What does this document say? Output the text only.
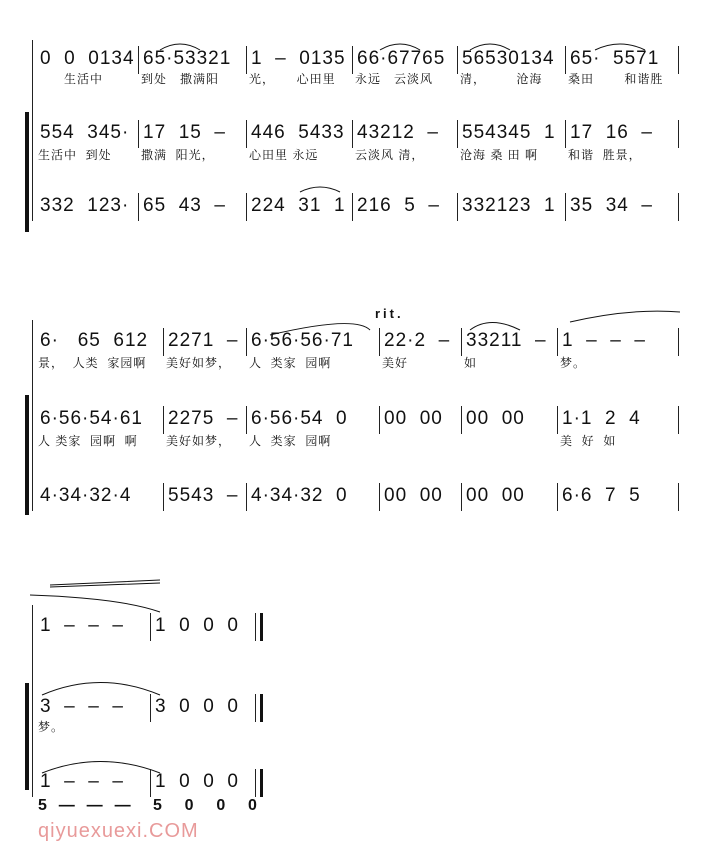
rit.
qiyuexuexi.COM
0  0  0134
生活中
65·53321
到处   撒满阳
1  –  0135
光，     心田里
66·67765
永远   云淡风
56530134
清，       沧海
65·  5571
桑田       和谐胜
554  345·
生活中  到处
17  15  –
撒满  阳光，
446  5433
心田里 永远
43212  –
云淡风 清，
554345  1
沧海 桑 田 啊
17  16  –
和谐  胜景，
332  123· 65  43  – 224  31  1 216  5  – 332123  1 35  34  –
6·   65  612
景，  人类  家园啊
2271  –
美好如梦，
6·56·56·71
人  类家  园啊
22·2  –
美好
33211  –
如
1  –  –  –
梦。
6·56·54·61
人 类家  园啊  啊
2275  –
美好如梦，
6·56·54  0
人  类家  园啊
00  00 00  00 1·1  2  4
美  好  如
4·34·32·4 5543  – 4·34·32  0 00  00 00  00 6·6  7  5
1  –  –  – 1  0  0  0
3  –  –  –
梦。
3  0  0  0
1  –  –  –
5  —  —  —
1  0  0  0
5    0    0    0
